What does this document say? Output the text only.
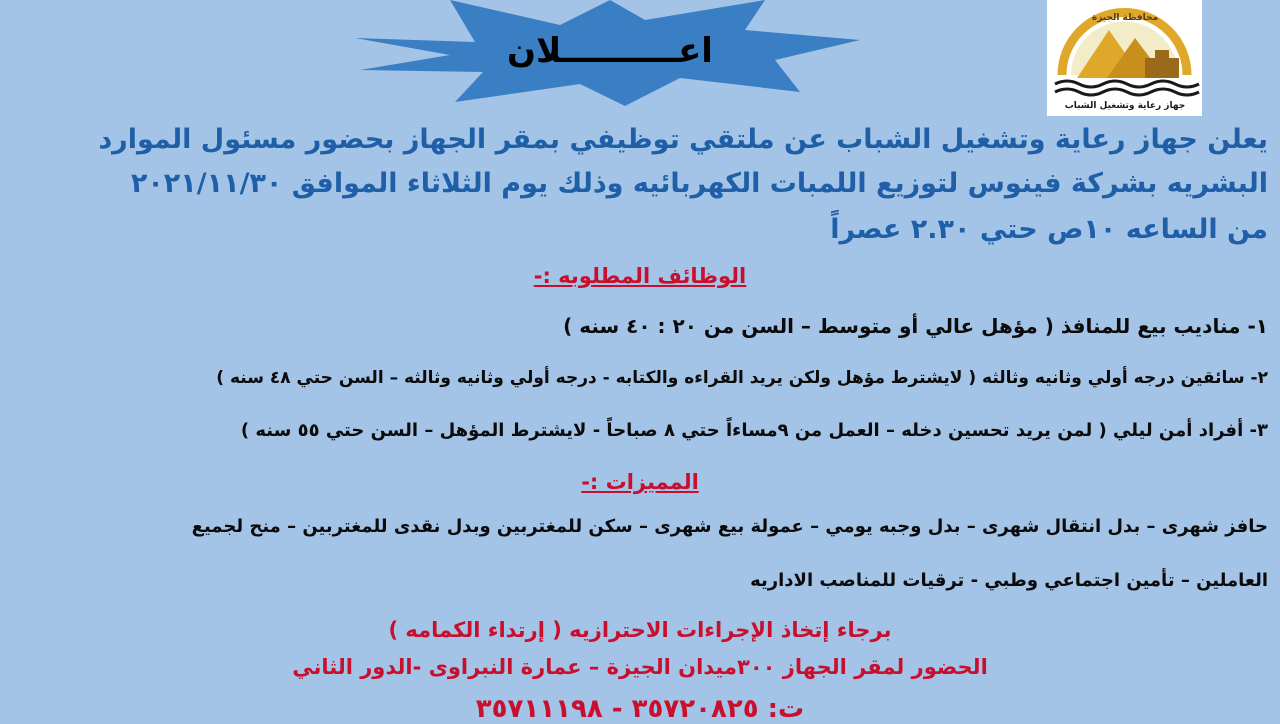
اعــــــــــلان
محافظة الجيزة
جهاز رعاية وتشغيل الشباب
يعلن جهاز رعاية وتشغيل الشباب عن ملتقي توظيفي بمقر الجهاز بحضور مسئول الموارد
البشريه بشركة فينوس لتوزيع اللمبات الكهربائيه وذلك يوم الثلاثاء الموافق ٢٠٢١/١١/٣٠
من الساعه ١٠ص حتي ٢.٣٠ عصراً
الوظائف المطلوبه :-
١- مناديب بيع للمنافذ ( مؤهل عالي أو متوسط – السن من ٢٠ : ٤٠ سنه )
٢- سائقين درجه أولي وثانيه وثالثه ( لايشترط مؤهل ولكن يريد القراءه والكتابه - درجه أولي وثانيه وثالثه – السن حتي ٤٨ سنه )
٣- أفراد أمن ليلي ( لمن يريد تحسين دخله – العمل من ٩مساءاً حتي ٨ صباحاً - لايشترط المؤهل – السن حتي ٥٥ سنه )
المميزات :-
حافز شهرى – بدل انتقال شهرى – بدل وجبه يومي – عمولة بيع شهرى – سكن للمغتربين وبدل نقدى للمغتربين – منح لجميع
العاملين – تأمين اجتماعي وطبي - ترقيات للمناصب الاداريه
برجاء إتخاذ الإجراءات الاحترازيه ( إرتداء الكمامه )
الحضور لمقر الجهاز ٣٠٠ميدان الجيزة – عمارة النبراوى -الدور الثاني
ت: ٣٥٧٢٠٨٢٥ - ٣٥٧١١١٩٨
